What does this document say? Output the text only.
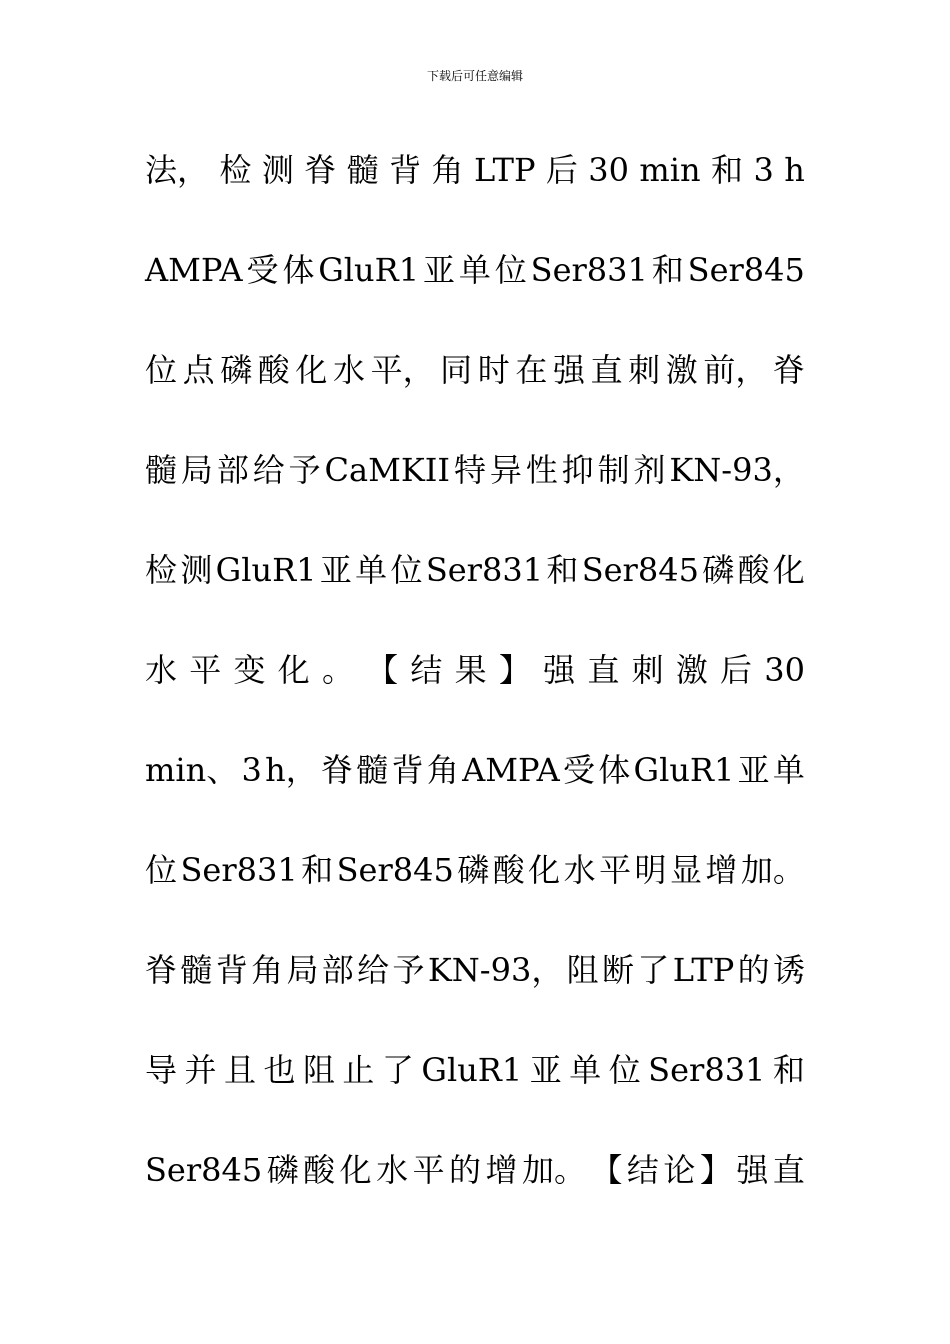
下载后可任意编辑
法， 检 测 脊 髓 背 角 LTP 后 30 min 和 3 h
AMPA 受 体 GluR1 亚 单 位 Ser831 和 Ser845
位 点 磷 酸 化 水 平， 同 时 在 强 直 刺 激 前， 脊
髓 局 部 给 予 CaMKII 特 异 性 抑 制 剂 KN-93，
检 测 GluR1 亚 单 位 Ser831 和 Ser845 磷 酸 化
水 平 变 化 。 【 结 果 】 强 直 刺 激 后 30
min、 3 h， 脊 髓 背 角 AMPA 受 体 GluR1 亚 单
位 Ser831 和 Ser845 磷 酸 化 水 平 明 显 增 加。
脊 髓 背 角 局 部 给 予 KN-93， 阻 断 了 LTP 的 诱
导 并 且 也 阻 止 了 GluR1 亚 单 位 Ser831 和
Ser845 磷 酸 化 水 平 的 增 加。 【 结 论 】 强 直
